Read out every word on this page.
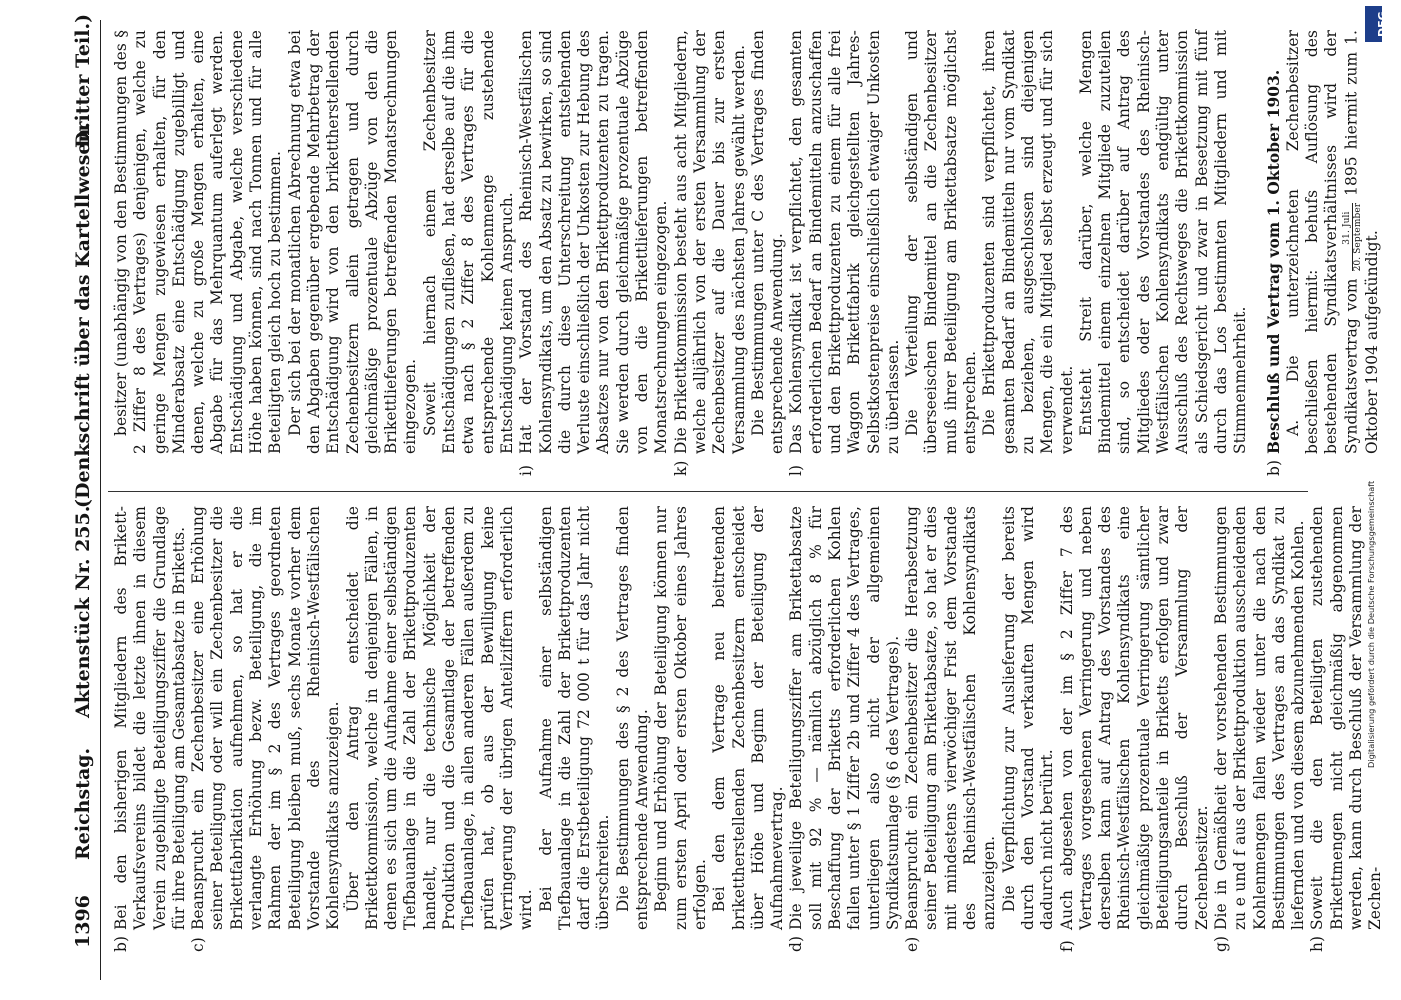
1396
Reichstag.
Aktenstück Nr. 255.
(Denkschrift über das Kartellwesen.
Dritter Teil.)

b)Bei den bisherigen Mitgliedern des Brikett-Verkaufsvereins bildet die letzte ihnen in diesem Verein zugebilligte Beteiligungsziffer die Grundlage für ihre Beteiligung am Gesamtabsatze in Briketts.

c)Beansprucht ein Zechenbesitzer eine Erhöhung seiner Beteiligung oder will ein Zechenbesitzer die Brikettfabrikation aufnehmen, so hat er die verlangte Erhöhung bezw. Beteiligung, die im Rahmen der im § 2 des Vertrages geordneten Beteiligung bleiben muß, sechs Monate vorher dem Vorstande des Rheinisch-Westfälischen Kohlensyndikats anzuzeigen. Über den Antrag entscheidet die Brikettkommission, welche in denjenigen Fällen, in denen es sich um die Aufnahme einer selbständigen Tiefbauanlage in die Zahl der Brikettproduzenten handelt, nur die technische Möglichkeit der Produktion und die Gesamtlage der betreffenden Tiefbauanlage, in allen anderen Fällen außerdem zu prüfen hat, ob aus der Bewilligung keine Verringerung der übrigen Anteilziffern erforderlich wird. Bei der Aufnahme einer selbständigen Tiefbauanlage in die Zahl der Brikettproduzenten darf die Erstbeteiligung 72 000 t für das Jahr nicht überschreiten. Die Bestimmungen des § 2 des Vertrages finden entsprechende Anwendung. Beginn und Erhöhung der Beteiligung können nur zum ersten April oder ersten Oktober eines Jahres erfolgen. Bei den dem Vertrage neu beitretenden brikettherstellenden Zechenbesitzern entscheidet über Höhe und Beginn der Beteiligung der Aufnahmevertrag.

d)Die jeweilige Beteiligungsziffer am Brikettabsatze soll mit 92 % — nämlich abzüglich 8 % für Beschaffung der Briketts erforderlichen Kohlen fallen unter § 1 Ziffer 2b und Ziffer 4 des Vertrages, unterliegen also nicht der allgemeinen Syndikatsumlage (§ 6 des Vertrages).

e)Beansprucht ein Zechenbesitzer die Herabsetzung seiner Beteiligung am Brikettabsatze, so hat er dies mit mindestens vierwöchiger Frist dem Vorstande des Rheinisch-Westfälischen Kohlensyndikats anzuzeigen. Die Verpflichtung zur Auslieferung der bereits durch den Vorstand verkauften Mengen wird dadurch nicht berührt.

f)Auch abgesehen von der im § 2 Ziffer 7 des Vertrages vorgesehenen Verringerung und neben derselben kann auf Antrag des Vorstandes des Rheinisch-Westfälischen Kohlensyndikats eine gleichmäßige prozentuale Verringerung sämtlicher Beteiligungsanteile in Briketts erfolgen und zwar durch Beschluß der Versammlung der Zechenbesitzer.

g)Die in Gemäßheit der vorstehenden Bestimmungen zu e und f aus der Brikettproduktion ausscheidenden Kohlenmengen fallen wieder unter die nach den Bestimmungen des Vertrages an das Syndikat zu liefernden und von diesem abzunehmenden Kohlen.

h)Soweit die den Beteiligten zustehenden Brikettmengen nicht gleichmäßig abgenommen werden, kann durch Beschluß der Versammlung der Zechen-

besitzer (unabhängig von den Bestimmungen des § 2 Ziffer 8 des Vertrages) denjenigen, welche zu geringe Mengen zugewiesen erhalten, für den Minderabsatz eine Entschädigung zugebilligt und denen, welche zu große Mengen erhalten, eine Abgabe für das Mehrquantum auferlegt werden. Entschädigung und Abgabe, welche verschiedene Höhe haben können, sind nach Tonnen und für alle Beteiligten gleich hoch zu bestimmen. Der sich bei der monatlichen Abrechnung etwa bei den Abgaben gegenüber ergebende Mehrbetrag der Entschädigung wird von den brikettherstellenden Zechenbesitzern allein getragen und durch gleichmäßige prozentuale Abzüge von den die Brikettlieferungen betreffenden Monatsrechnungen eingezogen. Soweit hiernach einem Zechenbesitzer Entschädigungen zufließen, hat derselbe auf die ihm etwa nach § 2 Ziffer 8 des Vertrages für die entsprechende Kohlenmenge zustehende Entschädigung keinen Anspruch.

i)Hat der Vorstand des Rheinisch-Westfälischen Kohlensyndikats, um den Absatz zu bewirken, so sind die durch diese Unterschreitung entstehenden Verluste einschließlich der Unkosten zur Hebung des Absatzes nur von den Brikettproduzenten zu tragen. Sie werden durch gleichmäßige prozentuale Abzüge von den die Brikettlieferungen betreffenden Monatsrechnungen eingezogen.

k)Die Brikettkommission besteht aus acht Mitgliedern, welche alljährlich von der ersten Versammlung der Zechenbesitzer auf die Dauer bis zur ersten Versammlung des nächsten Jahres gewählt werden. Die Bestimmungen unter C des Vertrages finden entsprechende Anwendung.

l)Das Kohlensyndikat ist verpflichtet, den gesamten erforderlichen Bedarf an Bindemitteln anzuschaffen und den Brikettproduzenten zu einem für alle frei Waggon Brikettfabrik gleichgestellten Jahres-Selbstkostenpreise einschließlich etwaiger Unkosten zu überlassen. Die Verteilung der selbständigen und überseeischen Bindemittel an die Zechenbesitzer muß ihrer Beteiligung am Brikettabsatze möglichst entsprechen. Die Brikettproduzenten sind verpflichtet, ihren gesamten Bedarf an Bindemitteln nur vom Syndikat zu beziehen, ausgeschlossen sind diejenigen Mengen, die ein Mitglied selbst erzeugt und für sich verwendet. Entsteht Streit darüber, welche Mengen Bindemittel einem einzelnen Mitgliede zuzuteilen sind, so entscheidet darüber auf Antrag des Mitgliedes oder des Vorstandes des Rheinisch-Westfälischen Kohlensyndikats endgültig unter Ausschluß des Rechtsweges die Brikettkommission als Schiedsgericht und zwar in Besetzung mit fünf durch das Los bestimmten Mitgliedern und mit Stimmenmehrheit.

b)Beschluß und Vertrag vom 1. Oktober 1903. A. Die unterzeichneten Zechenbesitzer beschließen hiermit: behufs Auflösung des bestehenden Syndikatsverhältnisses wird der Syndikatsvertrag vom
31. Juli 20. September 1895 hiermit zum 1. Oktober 1904 aufgekündigt.

DFG
Digitalisierung gefördert durch die Deutsche Forschungsgemeinschaft
